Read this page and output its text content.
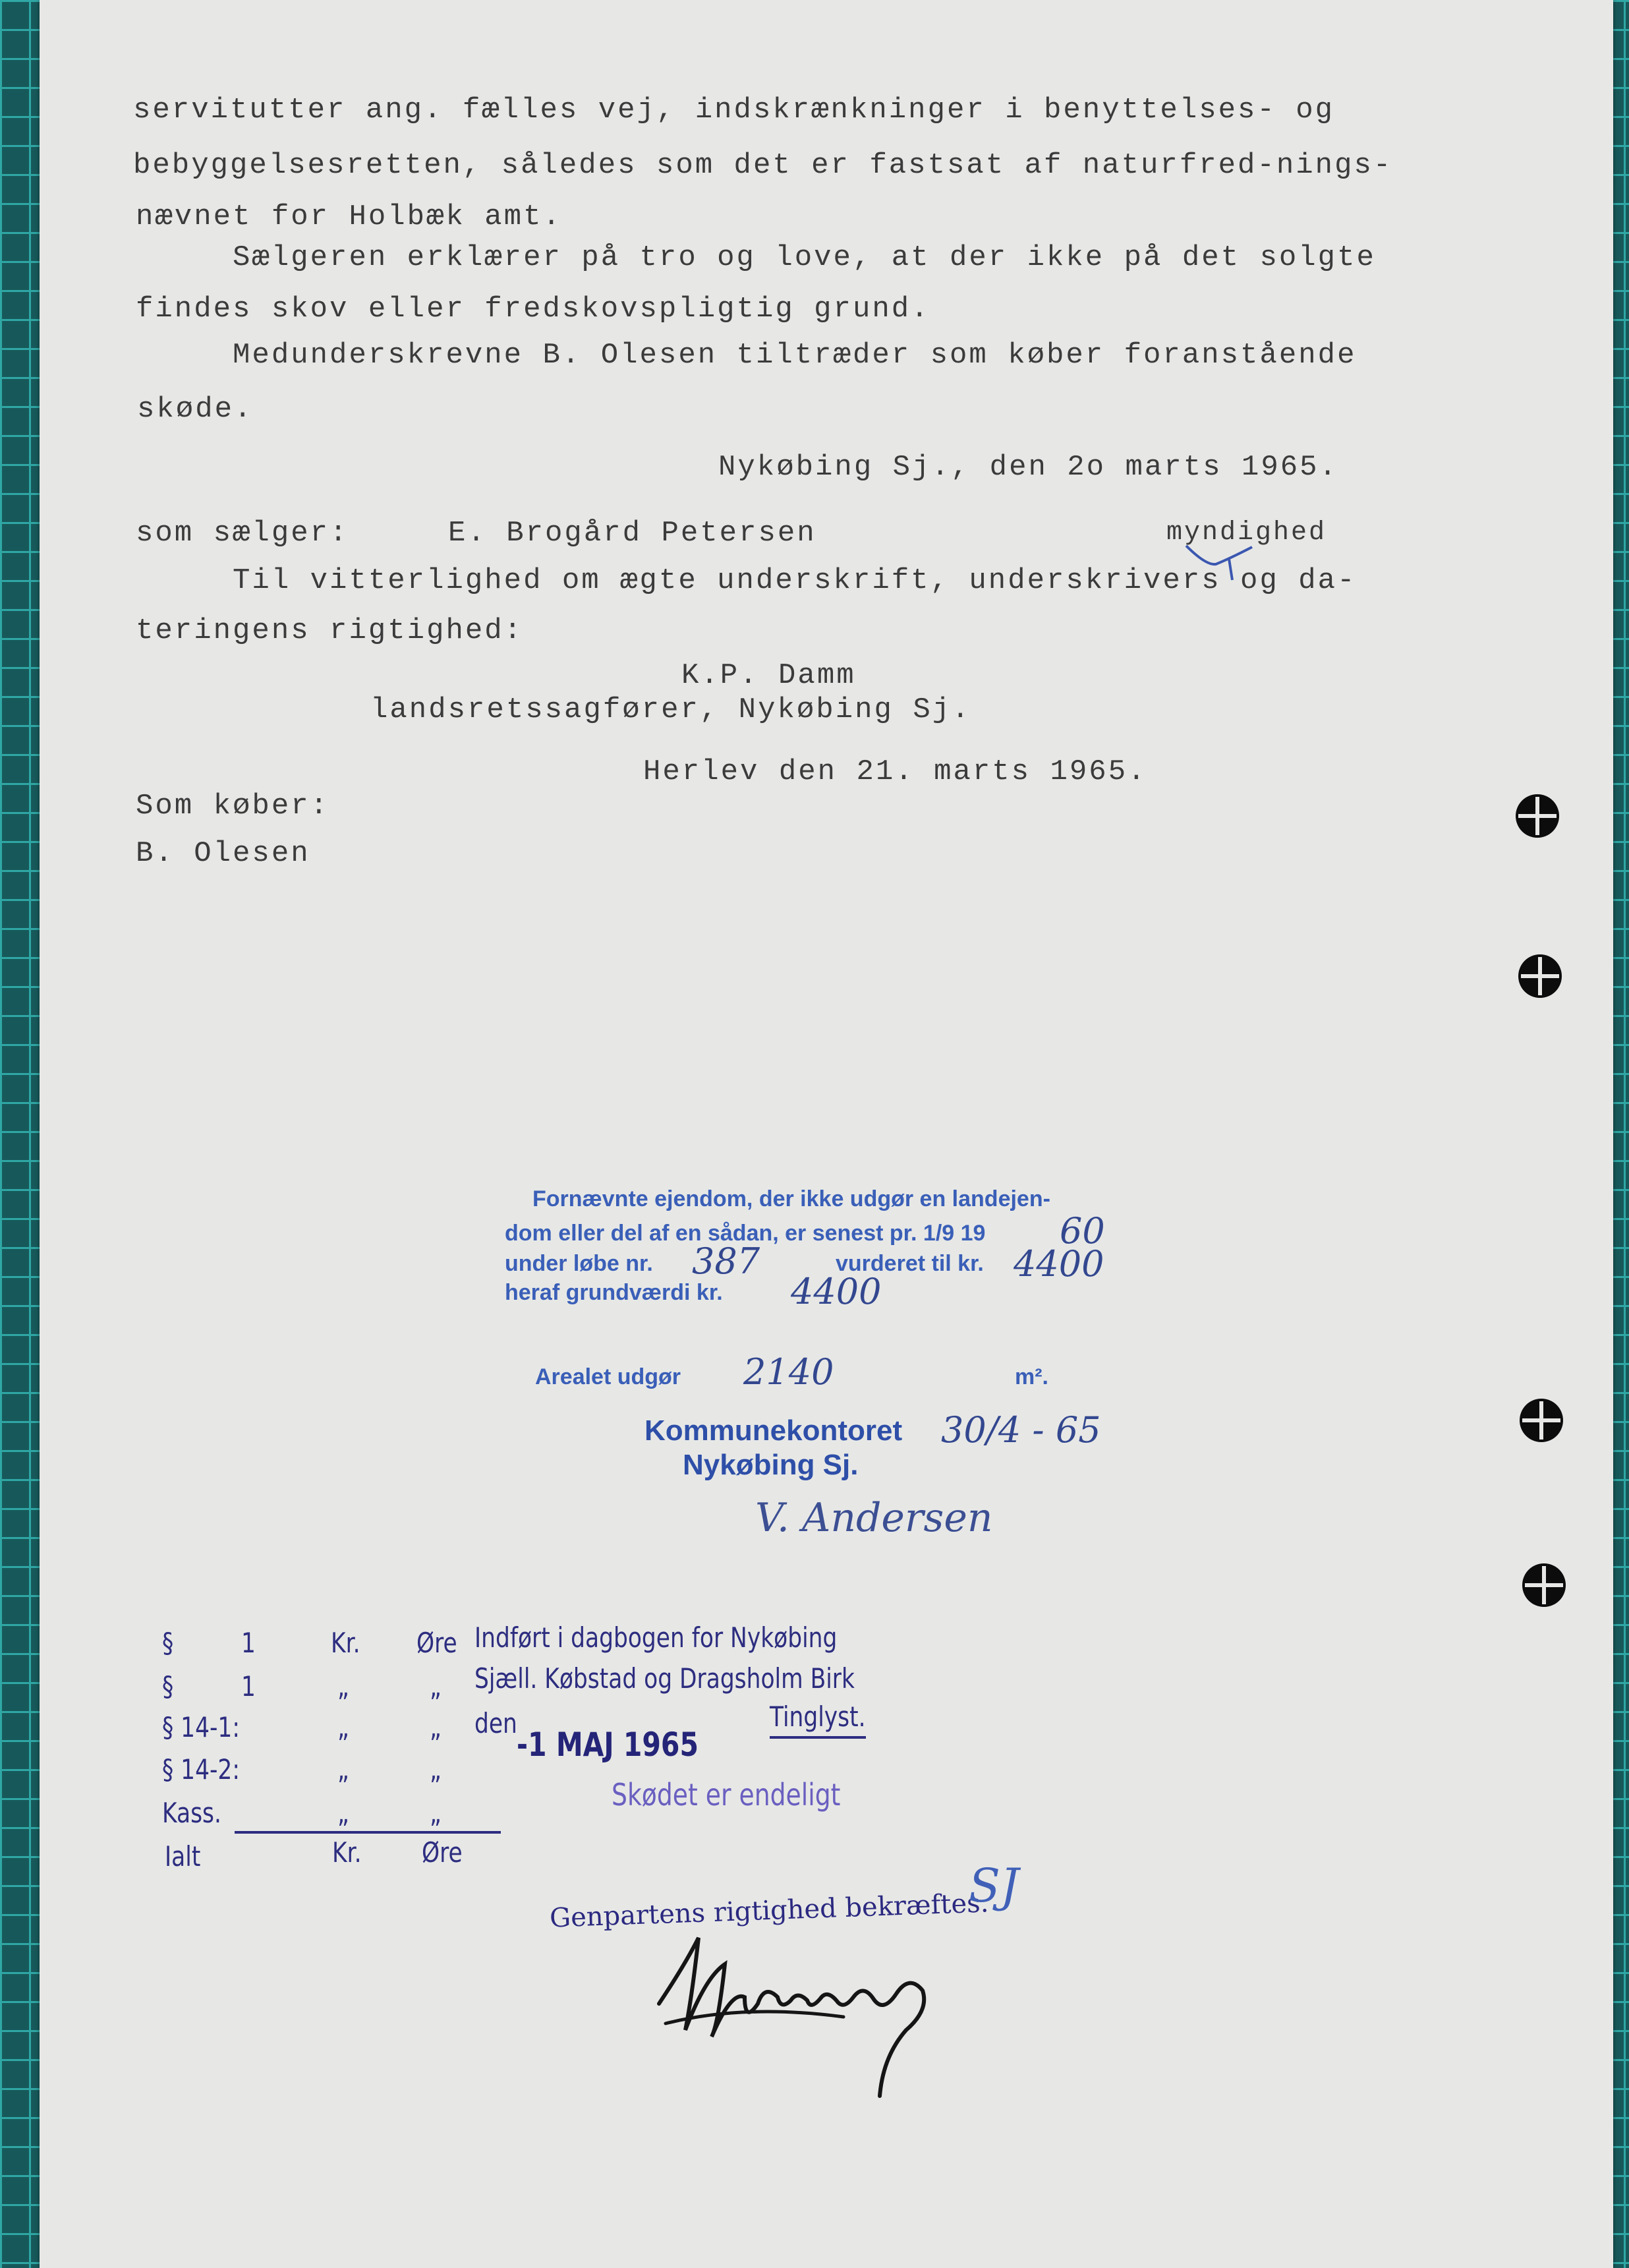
servitutter ang. fælles vej, indskrænkninger i benyttelses- og
bebyggelsesretten, således som det er fastsat af naturfred-nings-
nævnet for Holbæk amt.
Sælgeren erklærer på tro og love, at der ikke på det solgte
findes skov eller fredskovspligtig grund.
Medunderskrevne B. Olesen tiltræder som køber foranstående
skøde.
Nykøbing Sj., den 2o marts 1965.
myndighed
som sælger:	E. Brogård Petersen
Til vitterlighed om ægte underskrift, underskrivers og da-
teringens rigtighed:
K.P. Damm
landsretssagfører, Nykøbing Sj.
Herlev den 21. marts 1965.
Som køber:
B. Olesen
Fornævnte ejendom, der ikke udgør en landejen-
dom eller del af en sådan, er senest pr. 1/9 19 60
under løbe nr. 387	vurderet til kr. 4400
heraf grundværdi kr. 4400
Arealet udgør 2140	m².
Kommunekontoret
Nykøbing Sj.
30/4 - 65
V. Andersen
§ 1	Kr. Øre
§ 1	„	„
§ 14-1:	„	„
§ 14-2:	„	„
Kass.	„	„
Ialt	Kr. Øre
Indført i dagbogen for Nykøbing
Sjæll. Købstad og Dragsholm Birk
den
-1 MAJ 1965
Tinglyst.
Skødet er endeligt
Genpartens rigtighed bekræftes.
SJ
